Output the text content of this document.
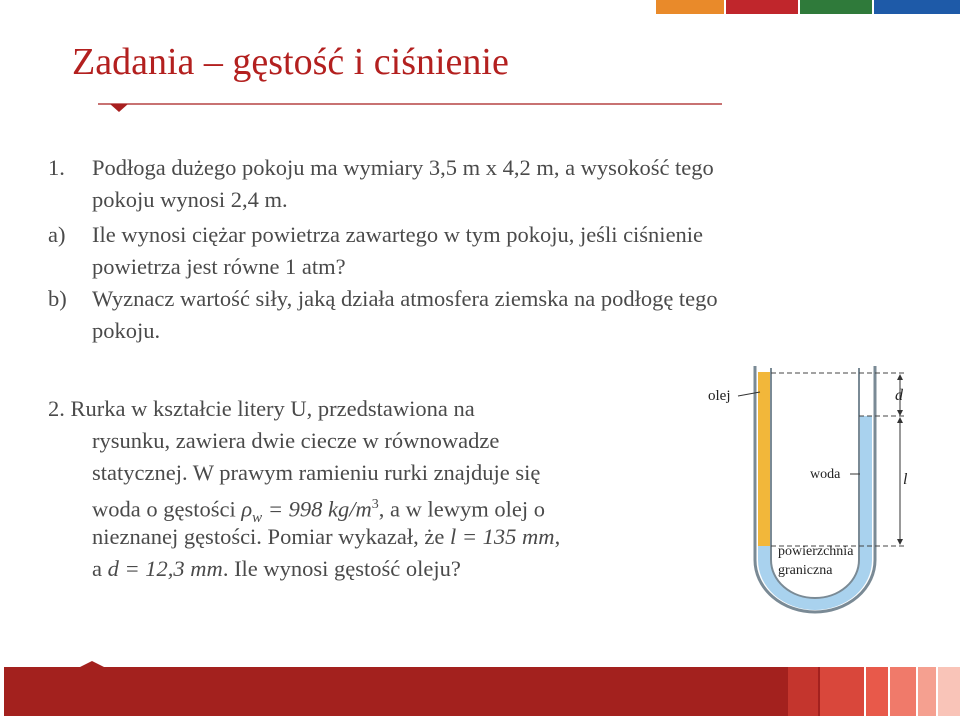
Zadania – gęstość i ciśnienie
1. Podłoga dużego pokoju ma wymiary 3,5 m x 4,2 m, a wysokość tego
pokoju wynosi 2,4 m.
a) Ile wynosi ciężar powietrza zawartego w tym pokoju, jeśli ciśnienie
powietrza jest równe 1 atm?
b) Wyznacz wartość siły, jaką działa atmosfera ziemska na podłogę tego
pokoju.
2. Rurka w kształcie litery U, przedstawiona na
rysunku, zawiera dwie ciecze w równowadze
statycznej. W prawym ramieniu rurki znajduje się
woda o gęstości $\rho_w = 998$ $kg/m^3$, a w lewym olej o
nieznanej gęstości. Pomiar wykazał, że l = 135 mm,
a d = 12,3 mm. Ile wynosi gęstość oleju?
d
l
olej
woda
powierzchnia
graniczna
